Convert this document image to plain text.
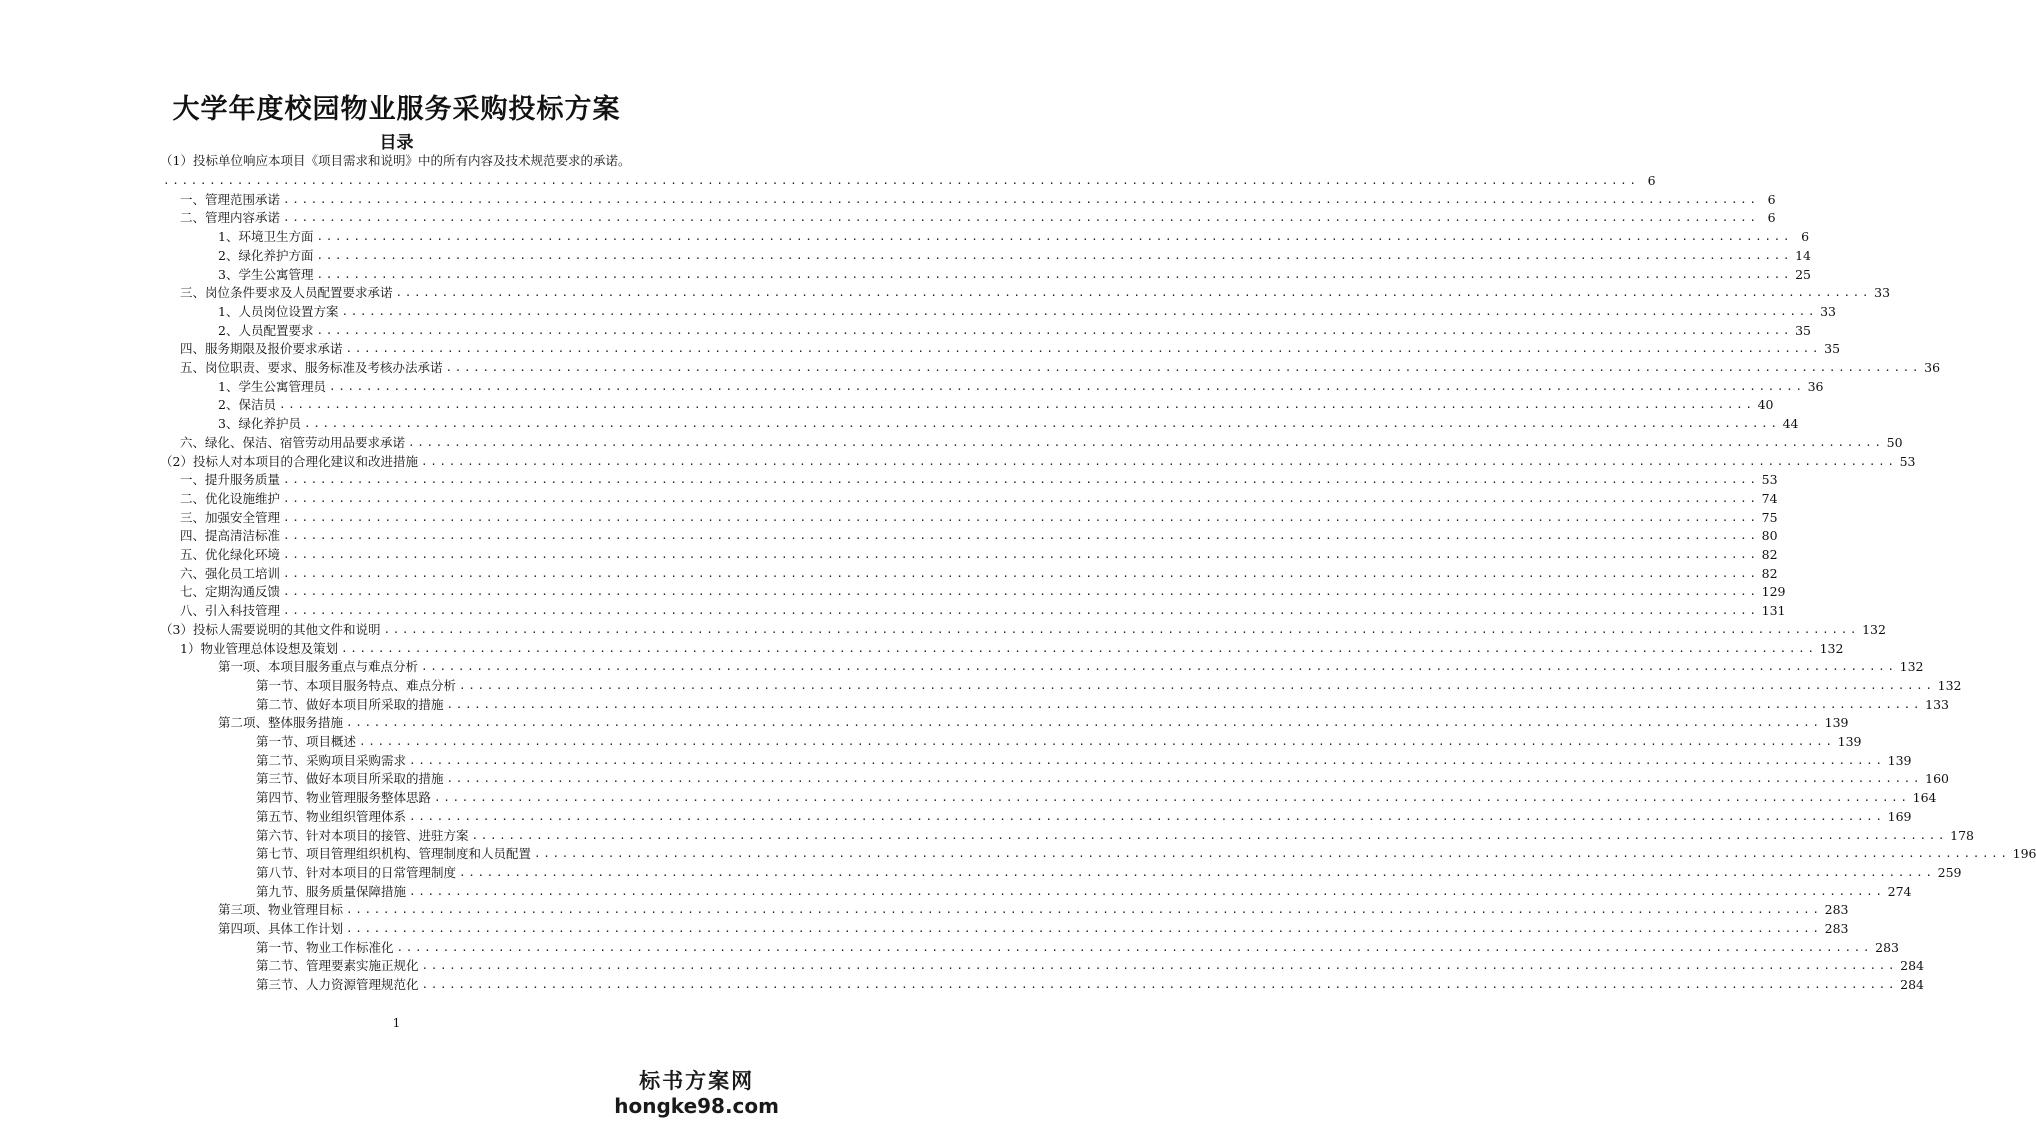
大学年度校园物业服务采购投标方案
目录
（1）投标单位响应本项目《项目需求和说明》中的所有内容及技术规范要求的承诺。
................................................................................................................................................................ 6
一、管理范围承诺 ................................................................................................................................................................ 6
二、管理内容承诺 ................................................................................................................................................................ 6
1、环境卫生方面 ................................................................................................................................................................ 6
2、绿化养护方面 ................................................................................................................................................................ 14
3、学生公寓管理 ................................................................................................................................................................ 25
三、岗位条件要求及人员配置要求承诺 ................................................................................................................................................................ 33
1、人员岗位设置方案 ................................................................................................................................................................ 33
2、人员配置要求 ................................................................................................................................................................ 35
四、服务期限及报价要求承诺 ................................................................................................................................................................ 35
五、岗位职责、要求、服务标准及考核办法承诺 ................................................................................................................................................................ 36
1、学生公寓管理员 ................................................................................................................................................................ 36
2、保洁员 ................................................................................................................................................................ 40
3、绿化养护员 ................................................................................................................................................................ 44
六、绿化、保洁、宿管劳动用品要求承诺 ................................................................................................................................................................ 50
（2）投标人对本项目的合理化建议和改进措施 ................................................................................................................................................................ 53
一、提升服务质量 ................................................................................................................................................................ 53
二、优化设施维护 ................................................................................................................................................................ 74
三、加强安全管理 ................................................................................................................................................................ 75
四、提高清洁标准 ................................................................................................................................................................ 80
五、优化绿化环境 ................................................................................................................................................................ 82
六、强化员工培训 ................................................................................................................................................................ 82
七、定期沟通反馈 ................................................................................................................................................................ 129
八、引入科技管理 ................................................................................................................................................................ 131
（3）投标人需要说明的其他文件和说明 ................................................................................................................................................................ 132
1）物业管理总体设想及策划 ................................................................................................................................................................ 132
第一项、本项目服务重点与难点分析 ................................................................................................................................................................ 132
第一节、本项目服务特点、难点分析 ................................................................................................................................................................ 132
第二节、做好本项目所采取的措施 ................................................................................................................................................................ 133
第二项、整体服务措施 ................................................................................................................................................................ 139
第一节、项目概述 ................................................................................................................................................................ 139
第二节、采购项目采购需求 ................................................................................................................................................................ 139
第三节、做好本项目所采取的措施 ................................................................................................................................................................ 160
第四节、物业管理服务整体思路 ................................................................................................................................................................ 164
第五节、物业组织管理体系 ................................................................................................................................................................ 169
第六节、针对本项目的接管、进驻方案 ................................................................................................................................................................ 178
第七节、项目管理组织机构、管理制度和人员配置 ................................................................................................................................................................ 196
第八节、针对本项目的日常管理制度 ................................................................................................................................................................ 259
第九节、服务质量保障措施 ................................................................................................................................................................ 274
第三项、物业管理目标 ................................................................................................................................................................ 283
第四项、具体工作计划 ................................................................................................................................................................ 283
第一节、物业工作标准化 ................................................................................................................................................................ 283
第二节、管理要素实施正规化 ................................................................................................................................................................ 284
第三节、人力资源管理规范化 ................................................................................................................................................................ 284
1
标书方案网
hongke98.com
